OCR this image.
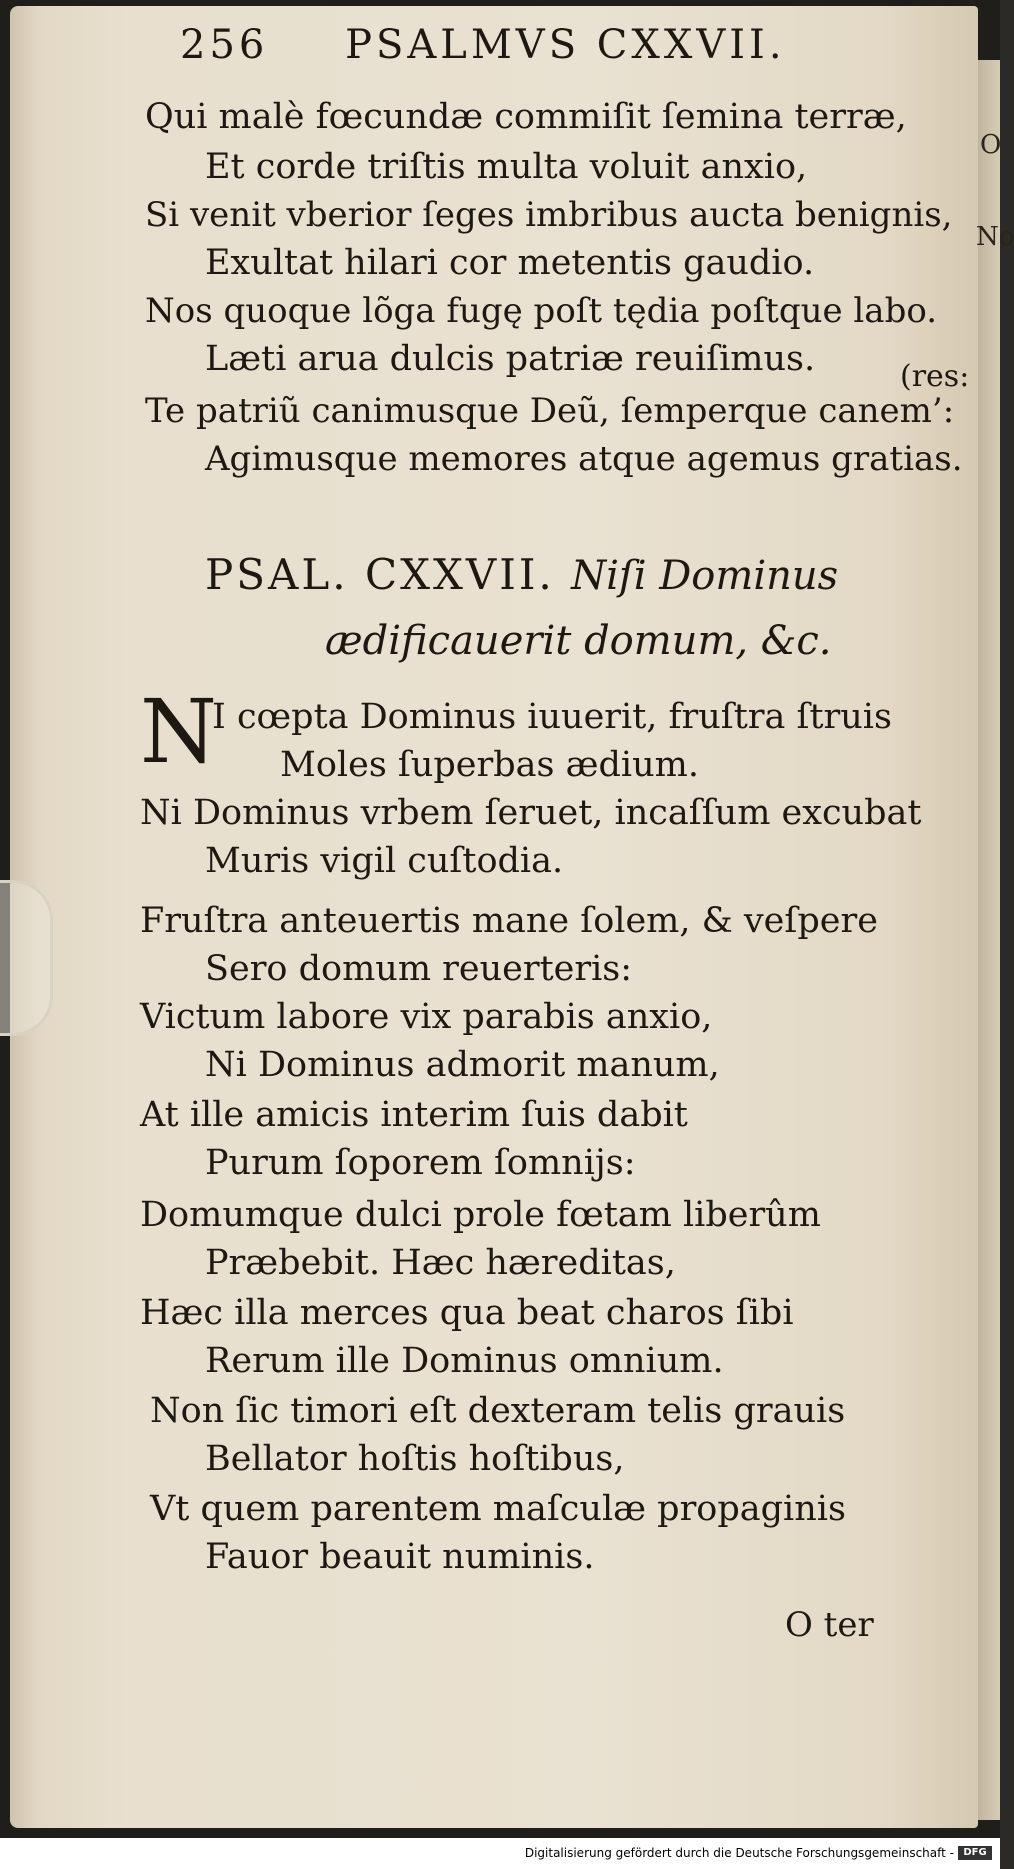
O
No
256 PSALMVS CXXVII.
Qui malè fœcundæ commiſit ſemina terræ,
Et corde triſtis multa voluit anxio,
Si venit vberior ſeges imbribus aucta benignis,
Exultat hilari cor metentis gaudio.
Nos quoque lõga fugę poſt tędia poſtque labo.
Læti arua dulcis patriæ reuiſimus.	(res:
Te patriũ canimusque Deũ, ſemperque canem’:
Agimusque memores atque agemus gratias.
PSAL. CXXVII. Niſi Dominus
ædificauerit domum, &c.
N
I cœpta Dominus iuuerit, fruſtra ſtruis
Moles ſuperbas ædium.
Ni Dominus vrbem ſeruet, incaſſum excubat
Muris vigil cuſtodia.
Fruſtra anteuertis mane ſolem, & veſpere
Sero domum reuerteris:
Victum labore vix parabis anxio,
Ni Dominus admorit manum,
At ille amicis interim ſuis dabit
Purum ſoporem ſomnijs:
Domumque dulci prole fœtam liberûm
Præbebit. Hæc hæreditas,
Hæc illa merces qua beat charos ſibi
Rerum ille Dominus omnium.
Non ſic timori eſt dexteram telis grauis
Bellator hoſtis hoſtibus,
Vt quem parentem maſculæ propaginis
Fauor beauit numinis.
O ter
Digitalisierung gefördert durch die Deutsche Forschungsgemeinschaft - DFG
